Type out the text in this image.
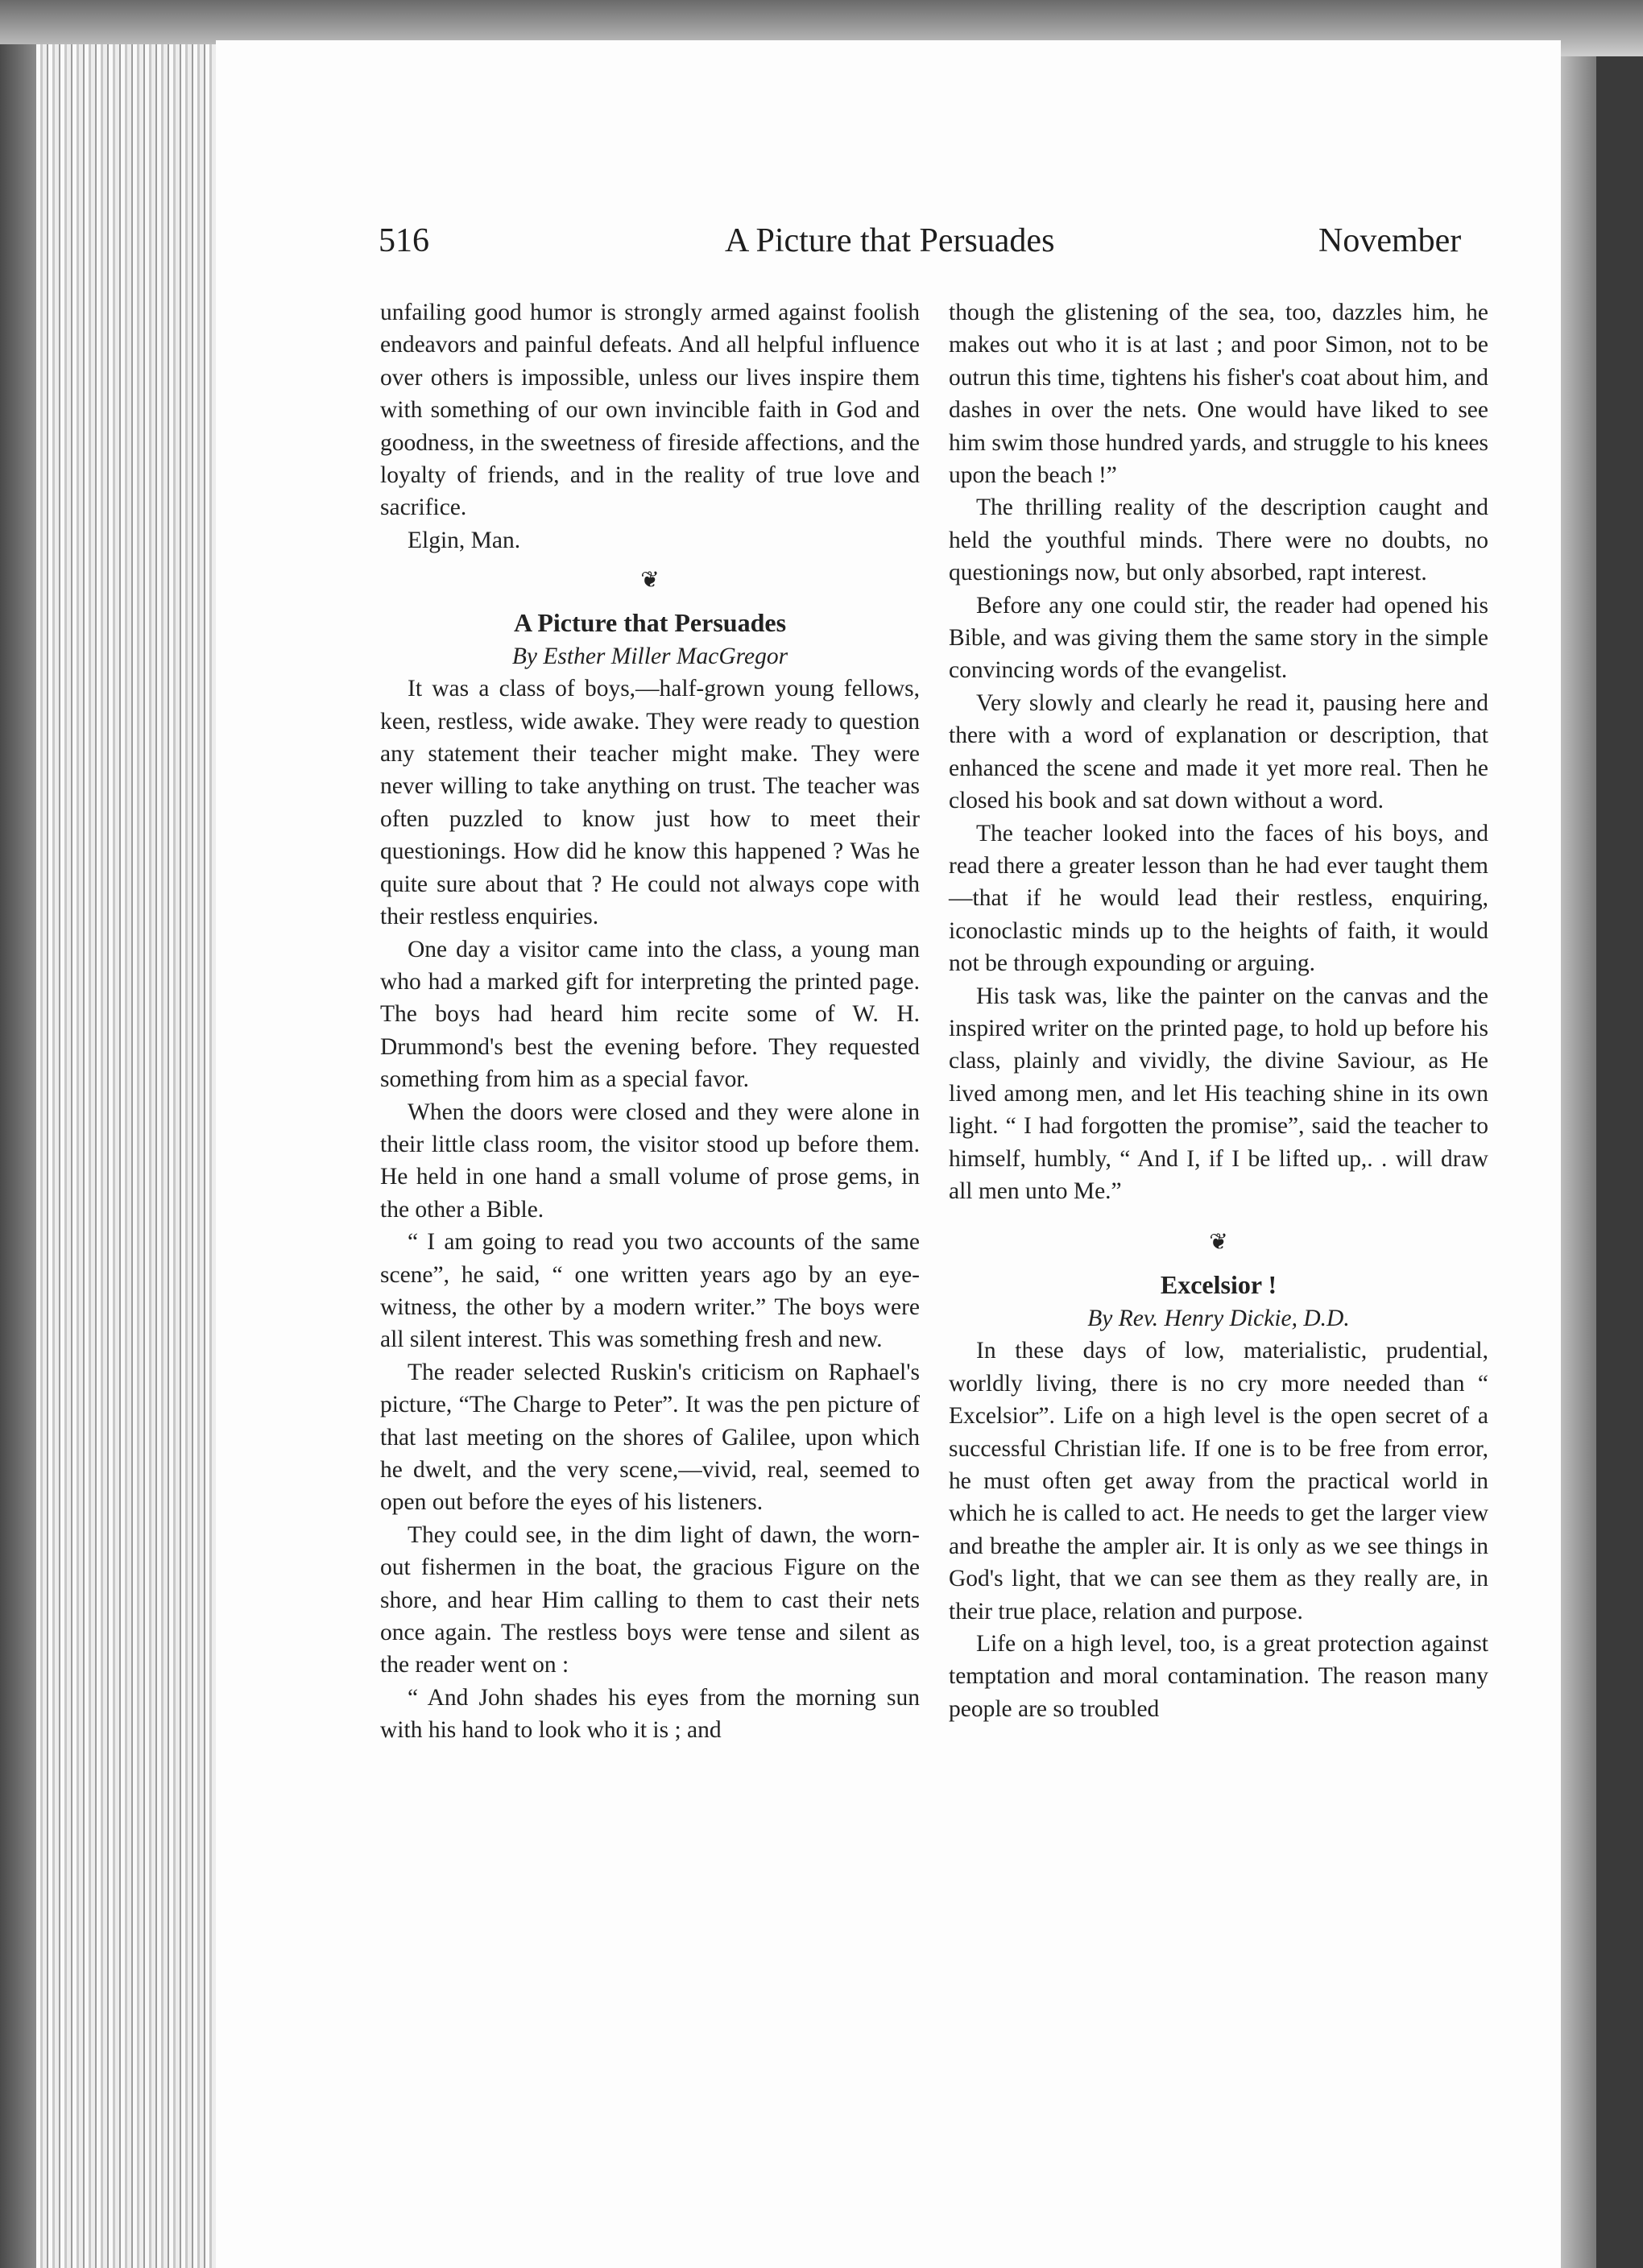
516	A Picture that Persuades	November

unfailing good humor is strongly armed against foolish endeavors and painful defeats. And all helpful influence over others is impossible, unless our lives inspire them with something of our own invincible faith in God and goodness, in the sweetness of fireside affections, and the loyalty of friends, and in the reality of true love and sacrifice.

Elgin, Man.

❦
A Picture that Persuades
By Esther Miller MacGregor

It was a class of boys,—half-grown young fellows, keen, restless, wide awake. They were ready to question any statement their teacher might make. They were never willing to take anything on trust. The teacher was often puzzled to know just how to meet their questionings. How did he know this happened ? Was he quite sure about that ? He could not always cope with their restless enquiries.

One day a visitor came into the class, a young man who had a marked gift for interpreting the printed page. The boys had heard him recite some of W. H. Drummond's best the evening before. They requested something from him as a special favor.

When the doors were closed and they were alone in their little class room, the visitor stood up before them. He held in one hand a small volume of prose gems, in the other a Bible.

“ I am going to read you two accounts of the same scene”, he said, “ one written years ago by an eye-witness, the other by a modern writer.” The boys were all silent interest. This was something fresh and new.

The reader selected Ruskin's criticism on Raphael's picture, “The Charge to Peter”. It was the pen picture of that last meeting on the shores of Galilee, upon which he dwelt, and the very scene,—vivid, real, seemed to open out before the eyes of his listeners.

They could see, in the dim light of dawn, the worn-out fishermen in the boat, the gracious Figure on the shore, and hear Him calling to them to cast their nets once again. The restless boys were tense and silent as the reader went on :

“ And John shades his eyes from the morning sun with his hand to look who it is ; and

though the glistening of the sea, too, dazzles him, he makes out who it is at last ; and poor Simon, not to be outrun this time, tightens his fisher's coat about him, and dashes in over the nets. One would have liked to see him swim those hundred yards, and struggle to his knees upon the beach !”

The thrilling reality of the description caught and held the youthful minds. There were no doubts, no questionings now, but only absorbed, rapt interest.

Before any one could stir, the reader had opened his Bible, and was giving them the same story in the simple convincing words of the evangelist.

Very slowly and clearly he read it, pausing here and there with a word of explanation or description, that enhanced the scene and made it yet more real. Then he closed his book and sat down without a word.

The teacher looked into the faces of his boys, and read there a greater lesson than he had ever taught them—that if he would lead their restless, enquiring, iconoclastic minds up to the heights of faith, it would not be through expounding or arguing.

His task was, like the painter on the canvas and the inspired writer on the printed page, to hold up before his class, plainly and vividly, the divine Saviour, as He lived among men, and let His teaching shine in its own light. “ I had forgotten the promise”, said the teacher to himself, humbly, “ And I, if I be lifted up,. . will draw all men unto Me.”

❦
Excelsior !
By Rev. Henry Dickie, D.D.

In these days of low, materialistic, prudential, worldly living, there is no cry more needed than “ Excelsior”. Life on a high level is the open secret of a successful Christian life. If one is to be free from error, he must often get away from the practical world in which he is called to act. He needs to get the larger view and breathe the ampler air. It is only as we see things in God's light, that we can see them as they really are, in their true place, relation and purpose.

Life on a high level, too, is a great protection against temptation and moral contamination. The reason many people are so troubled
